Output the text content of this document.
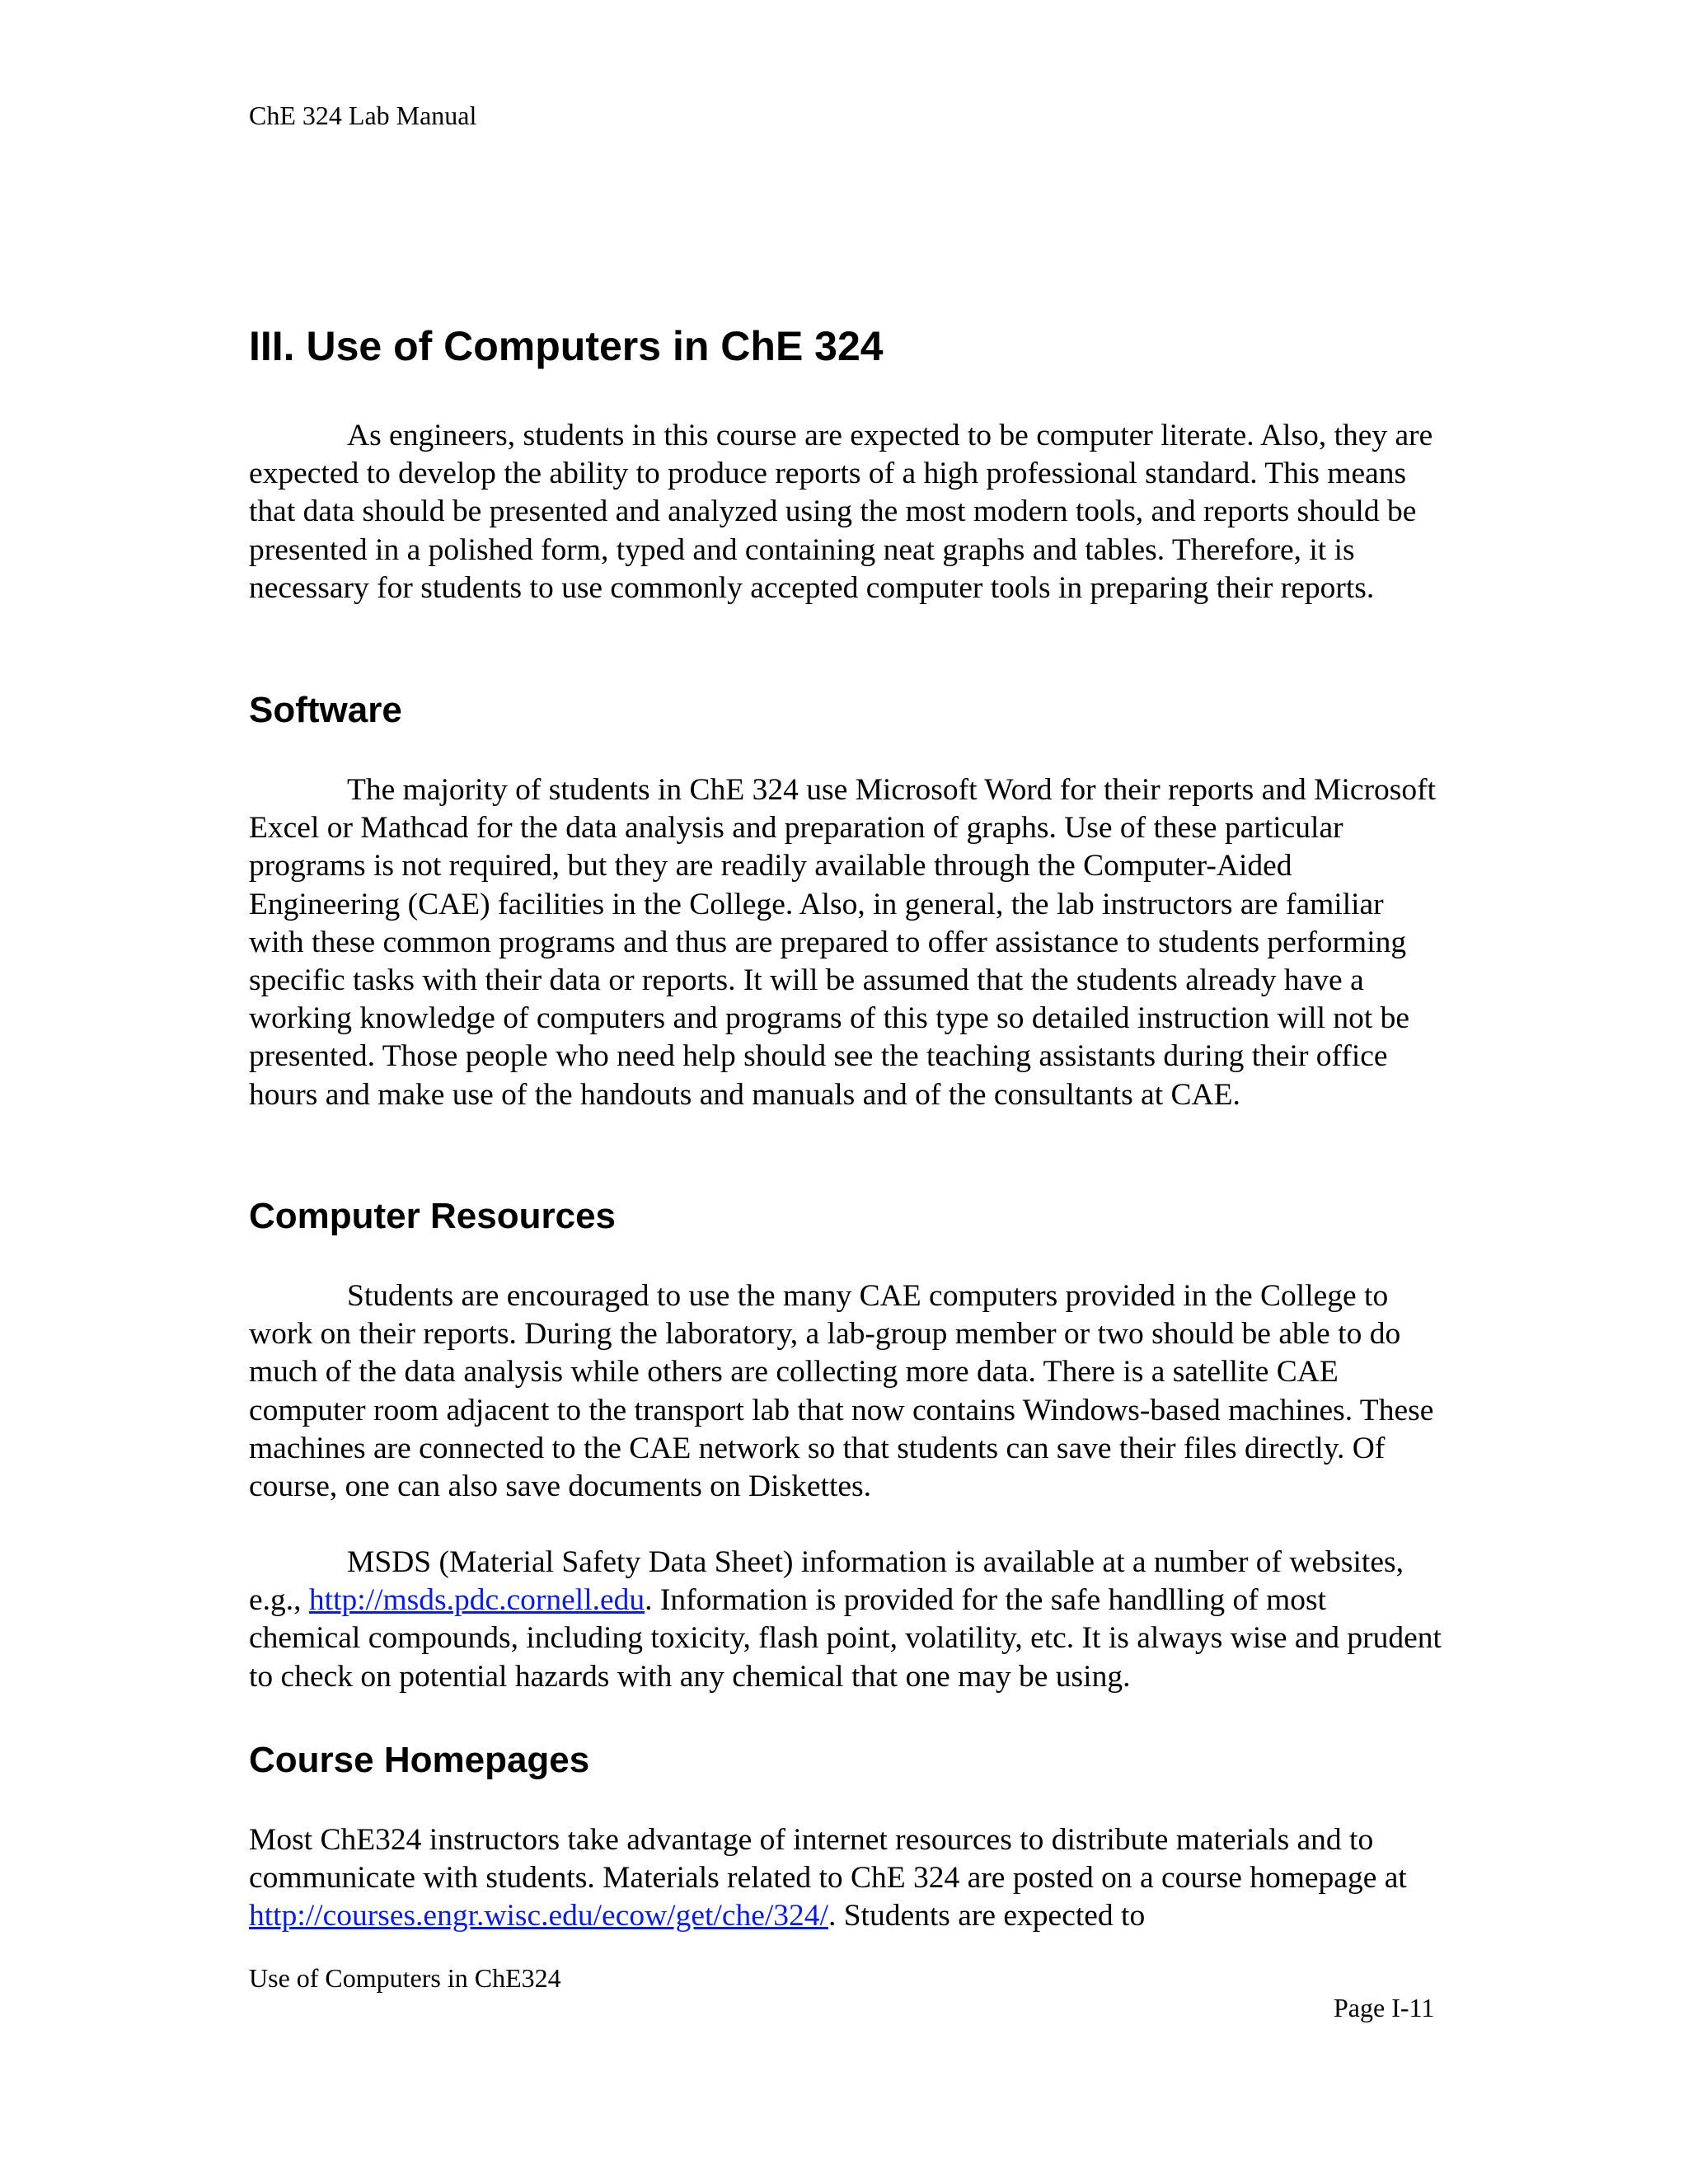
ChE 324 Lab Manual
III. Use of Computers in ChE 324

As engineers, students in this course are expected to be computer literate. Also, they are expected to develop the ability to produce reports of a high professional standard. This means that data should be presented and analyzed using the most modern tools, and reports should be presented in a polished form, typed and containing neat graphs and tables. Therefore, it is necessary for students to use commonly accepted computer tools in preparing their reports.

Software

The majority of students in ChE 324 use Microsoft Word for their reports and Microsoft Excel or Mathcad for the data analysis and preparation of graphs. Use of these particular programs is not required, but they are readily available through the Computer-Aided Engineering (CAE) facilities in the College. Also, in general, the lab instructors are familiar with these common programs and thus are prepared to offer assistance to students performing specific tasks with their data or reports. It will be assumed that the students already have a working knowledge of computers and programs of this type so detailed instruction will not be presented. Those people who need help should see the teaching assistants during their office hours and make use of the handouts and manuals and of the consultants at CAE.

Computer Resources

Students are encouraged to use the many CAE computers provided in the College to work on their reports. During the laboratory, a lab-group member or two should be able to do much of the data analysis while others are collecting more data. There is a satellite CAE computer room adjacent to the transport lab that now contains Windows-based machines. These machines are connected to the CAE network so that students can save their files directly. Of course, one can also save documents on Diskettes.

MSDS (Material Safety Data Sheet) information is available at a number of websites, e.g., http://msds.pdc.cornell.edu. Information is provided for the safe handlling of most chemical compounds, including toxicity, flash point, volatility, etc. It is always wise and prudent to check on potential hazards with any chemical that one may be using.

Course Homepages

Most ChE324 instructors take advantage of internet resources to distribute materials and to communicate with students. Materials related to ChE 324 are posted on a course homepage at http://courses.engr.wisc.edu/ecow/get/che/324/. Students are expected to

Use of Computers in ChE324
Page I-11
